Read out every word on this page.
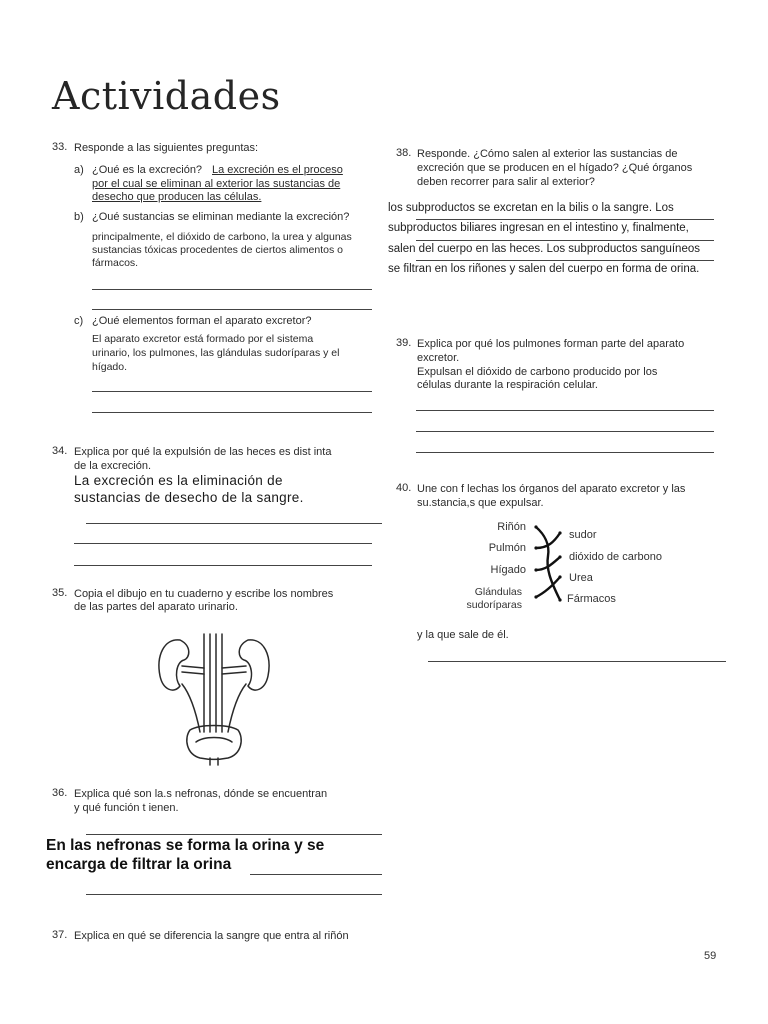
Actividades
33. Responde a las siguientes preguntas:
a) ¿Oué es la excreción? La excreción es el proceso
por el cual se eliminan al exterior las sustancias de
desecho que producen las células.
b) ¿Oué sustancias se eliminan mediante la excreción?
principalmente, el dióxido de carbono, la urea y algunas
sustancias tóxicas procedentes de ciertos alimentos o
fármacos.
c) ¿Oué elementos forman el aparato excretor?
El aparato excretor está formado por el sistema
urinario, los pulmones, las glándulas sudoríparas y el
hígado.
34. Explica por qué la expulsión de las heces es dist inta
de la excreción.
La excreción es la eliminación de
sustancias de desecho de la sangre.
35. Copia el dibujo en tu cuaderno y escribe los nombres
de las partes del aparato urinario.
36. Explica qué son la.s nefronas, dónde se encuentran
y qué función t ienen.
En las nefronas se forma la orina y se
encarga de filtrar la orina
37. Explica en qué se diferencia la sangre que entra al riñón
38. Responde. ¿Cómo salen al exterior las sustancias de
excreción que se producen en el hígado? ¿Qué órganos
deben recorrer para salir al exterior?
los subproductos se excretan en la bilis o la sangre. Los
subproductos biliares ingresan en el intestino y, finalmente,
salen del cuerpo en las heces. Los subproductos sanguíneos
se filtran en los riñones y salen del cuerpo en forma de orina.
39. Explica por qué los pulmones forman parte del aparato
excretor.
Expulsan el dióxido de carbono producido por los
células durante la respiración celular.
40. Une con f lechas los órganos del aparato excretor y las
su.stancia,s que expulsar.
Riñón
Pulmón
Hígado
Glándulas
sudoríparas
sudor
dióxido de carbono
Urea
Fármacos
y la que sale de él.
59
